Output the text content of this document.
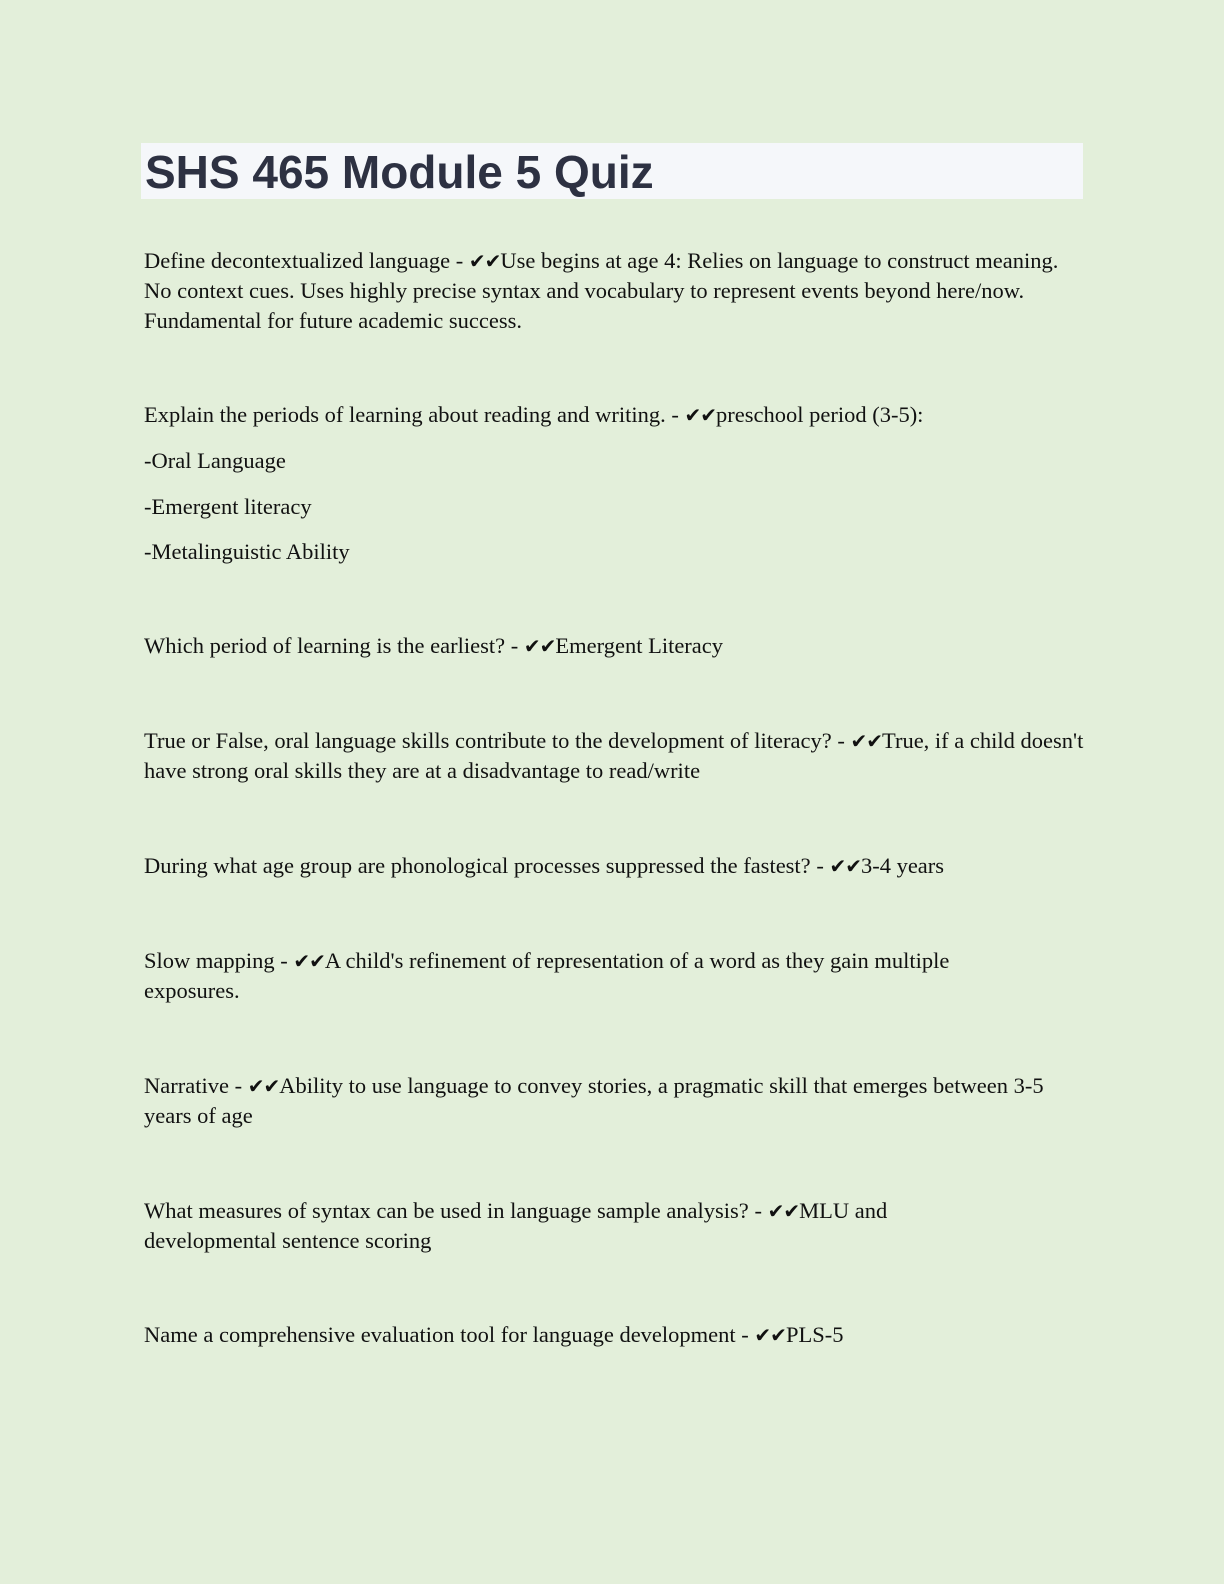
SHS 465 Module 5 Quiz

Define decontextualized language - ✔✔Use begins at age 4: Relies on language to construct meaning. No context cues. Uses highly precise syntax and vocabulary to represent events beyond here/now. Fundamental for future academic success.

Explain the periods of learning about reading and writing. - ✔✔preschool period (3-5):

-Oral Language

-Emergent literacy

-Metalinguistic Ability

Which period of learning is the earliest? - ✔✔Emergent Literacy

True or False, oral language skills contribute to the development of literacy? - ✔✔True, if a child doesn't have strong oral skills they are at a disadvantage to read/write

During what age group are phonological processes suppressed the fastest? - ✔✔3-4 years

Slow mapping - ✔✔A child's refinement of representation of a word as they gain multiple exposures.

Narrative - ✔✔Ability to use language to convey stories, a pragmatic skill that emerges between 3-5 years of age

What measures of syntax can be used in language sample analysis? - ✔✔MLU and developmental sentence scoring

Name a comprehensive evaluation tool for language development - ✔✔PLS-5
